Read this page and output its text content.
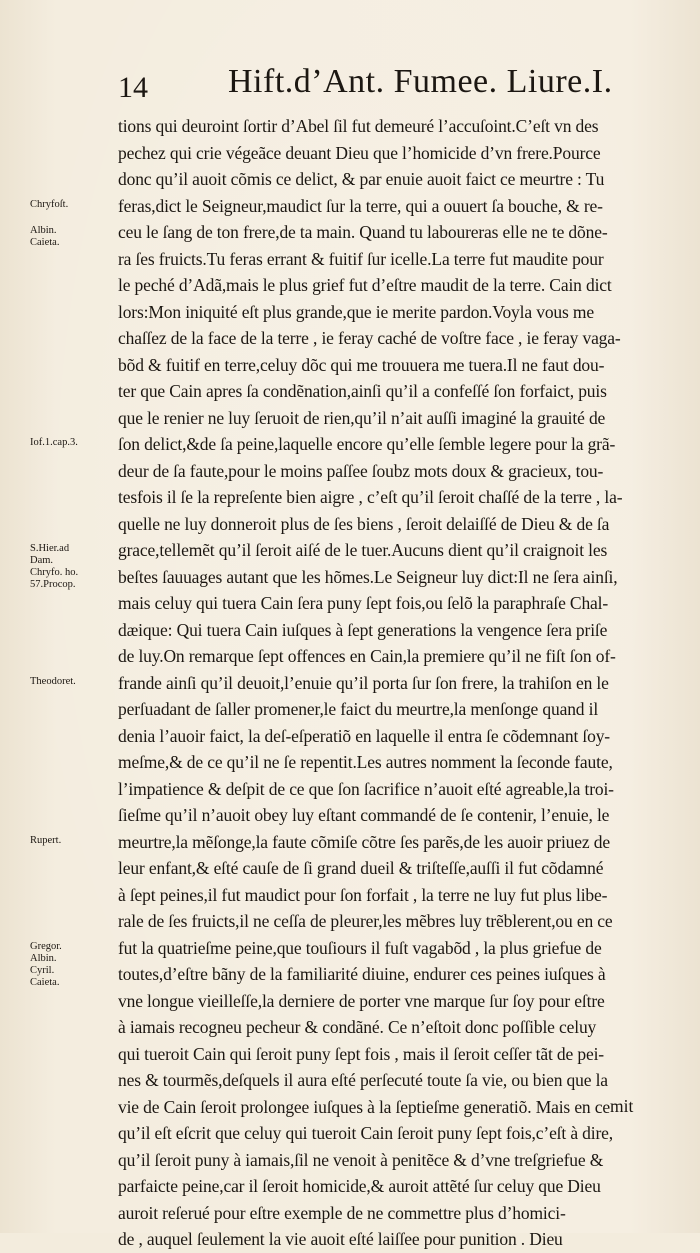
14 Hift.d’Ant. Fumee. Liure.I.
Chryfoſt.
Albin.
Caieta.
Iof.1.cap.3.
S.Hier.ad
Dam.
Chryfo. ho.
57.Procop.
Theodoret.
Rupert.
Gregor.
Albin.
Cyril.
Caieta.
tions qui deuroint ſortir d’Abel ſil fut demeuré l’accuſoint.C’eſt vn des
pechez qui crie végeãce deuant Dieu que l’homicide d’vn frere.Pource
donc qu’il auoit cõmis ce delict, & par enuie auoit faict ce meurtre : Tu
feras,dict le Seigneur,maudict ſur la terre, qui a ouuert ſa bouche, & re-
ceu le ſang de ton frere,de ta main. Quand tu laboureras elle ne te dõne-
ra ſes fruicts.Tu feras errant & fuitif ſur icelle.La terre fut maudite pour
le peché d’Adã,mais le plus grief fut d’eſtre maudit de la terre. Cain dict
lors:Mon iniquité eſt plus grande,que ie merite pardon.Voyla vous me
chaſſez de la face de la terre , ie feray caché de voſtre face , ie feray vaga-
bõd & fuitif en terre,celuy dõc qui me trouuera me tuera.Il ne faut dou-
ter que Cain apres ſa condẽnation,ainſi qu’il a confeſſé ſon forfaict, puis
que le renier ne luy ſeruoit de rien,qu’il n’ait auſſi imaginé la grauité de
ſon delict,&de ſa peine,laquelle encore qu’elle ſemble legere pour la grã-
deur de ſa faute,pour le moins paſſee ſoubz mots doux & gracieux, tou-
tesfois il ſe la repreſente bien aigre , c’eſt qu’il ſeroit chaſſé de la terre , la-
quelle ne luy donneroit plus de ſes biens , ſeroit delaiſſé de Dieu & de ſa
grace,tellemẽt qu’il ſeroit aiſé de le tuer.Aucuns dient qu’il craignoit les
beſtes ſauuages autant que les hõmes.Le Seigneur luy dict:Il ne ſera ainſi,
mais celuy qui tuera Cain ſera puny ſept fois,ou ſelõ la paraphraſe Chal-
dæique: Qui tuera Cain iuſques à ſept generations la vengence ſera priſe
de luy.On remarque ſept offences en Cain,la premiere qu’il ne fiſt ſon of-
frande ainſi qu’il deuoit,l’enuie qu’il porta ſur ſon frere, la trahiſon en le
perſuadant de ſaller promener,le faict du meurtre,la menſonge quand il
denia l’auoir faict, la deſ-eſperatiõ en laquelle il entra ſe cõdemnant ſoy-
meſme,& de ce qu’il ne ſe repentit.Les autres nomment la ſeconde faute,
l’impatience & deſpit de ce que ſon ſacrifice n’auoit eſté agreable,la troi-
ſieſme qu’il n’auoit obey luy eſtant commandé de ſe contenir, l’enuie, le
meurtre,la mẽſonge,la faute cõmiſe cõtre ſes parẽs,de les auoir priuez de
leur enfant,& eſté cauſe de ſi grand dueil & triſteſſe,auſſi il fut cõdamné
à ſept peines,il fut maudict pour ſon forfait , la terre ne luy fut plus libe-
rale de ſes fruicts,il ne ceſſa de pleurer,les mẽbres luy trẽblerent,ou en ce
fut la quatrieſme peine,que touſiours il fuſt vagabõd , la plus griefue de
toutes,d’eſtre bãny de la familiarité diuine, endurer ces peines iuſques à
vne longue vieilleſſe,la derniere de porter vne marque ſur ſoy pour eſtre
à iamais recogneu pecheur & condãné. Ce n’eſtoit donc poſſible celuy
qui tueroit Cain qui ſeroit puny ſept fois , mais il ſeroit ceſſer tãt de pei-
nes & tourmẽs,deſquels il aura eſté perſecuté toute ſa vie, ou bien que la
vie de Cain ſeroit prolongee iuſques à la ſeptieſme generatiõ. Mais en ce
qu’il eſt eſcrit que celuy qui tueroit Cain ſeroit puny ſept fois,c’eſt à dire,
qu’il ſeroit puny à iamais,ſil ne venoit à penitẽce & d’vne treſgriefue &
parfaicte peine,car il ſeroit homicide,& auroit attẽté ſur celuy que Dieu
auroit reſerué pour eſtre exemple de ne commettre plus d’homici-
de , auquel ſeulement la vie auoit eſté laiſſee pour punition . Dieu
mit
